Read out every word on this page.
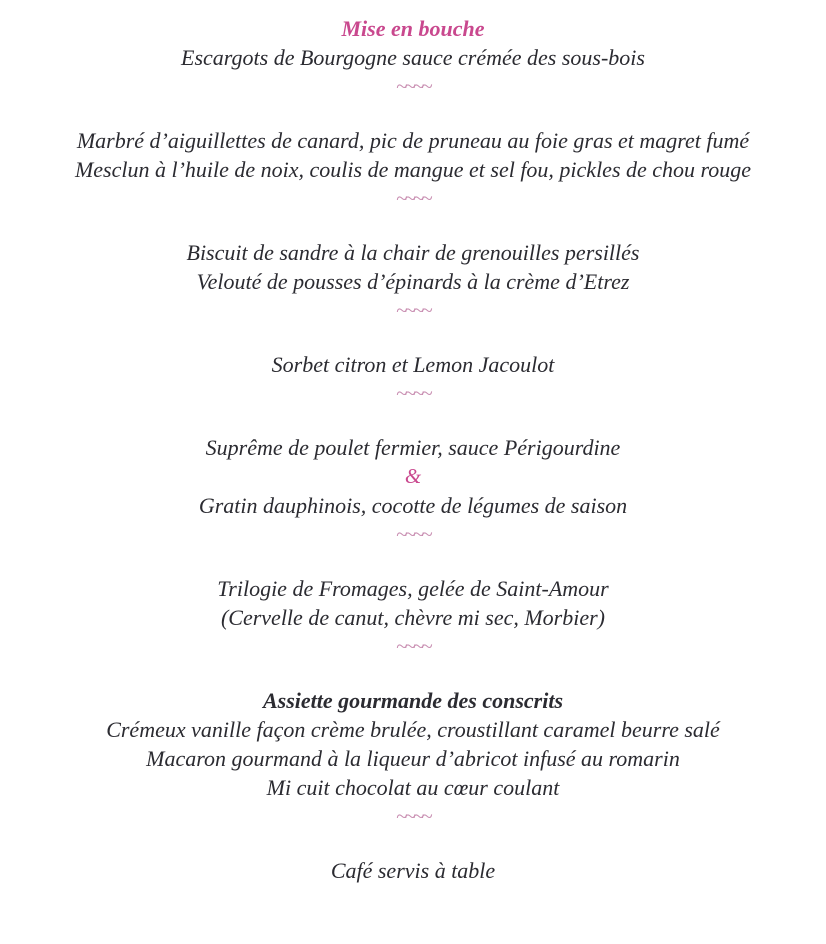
Mise en bouche
Escargots de Bourgogne sauce crémée des sous-bois
~~~~
Marbré d’aiguillettes de canard, pic de pruneau au foie gras et magret fumé
Mesclun à l’huile de noix, coulis de mangue et sel fou, pickles de chou rouge
~~~~
Biscuit de sandre à la chair de grenouilles persillés
Velouté de pousses d’épinards à la crème d’Etrez
~~~~
Sorbet citron et Lemon Jacoulot
~~~~
Suprême de poulet fermier, sauce Périgourdine
&
Gratin dauphinois, cocotte de légumes de saison
~~~~
Trilogie de Fromages, gelée de Saint-Amour
(Cervelle de canut, chèvre mi sec, Morbier)
~~~~
Assiette gourmande des conscrits
Crémeux vanille façon crème brulée, croustillant caramel beurre salé
Macaron gourmand à la liqueur d’abricot infusé au romarin
Mi cuit chocolat au cœur coulant
~~~~
Café servis à table
